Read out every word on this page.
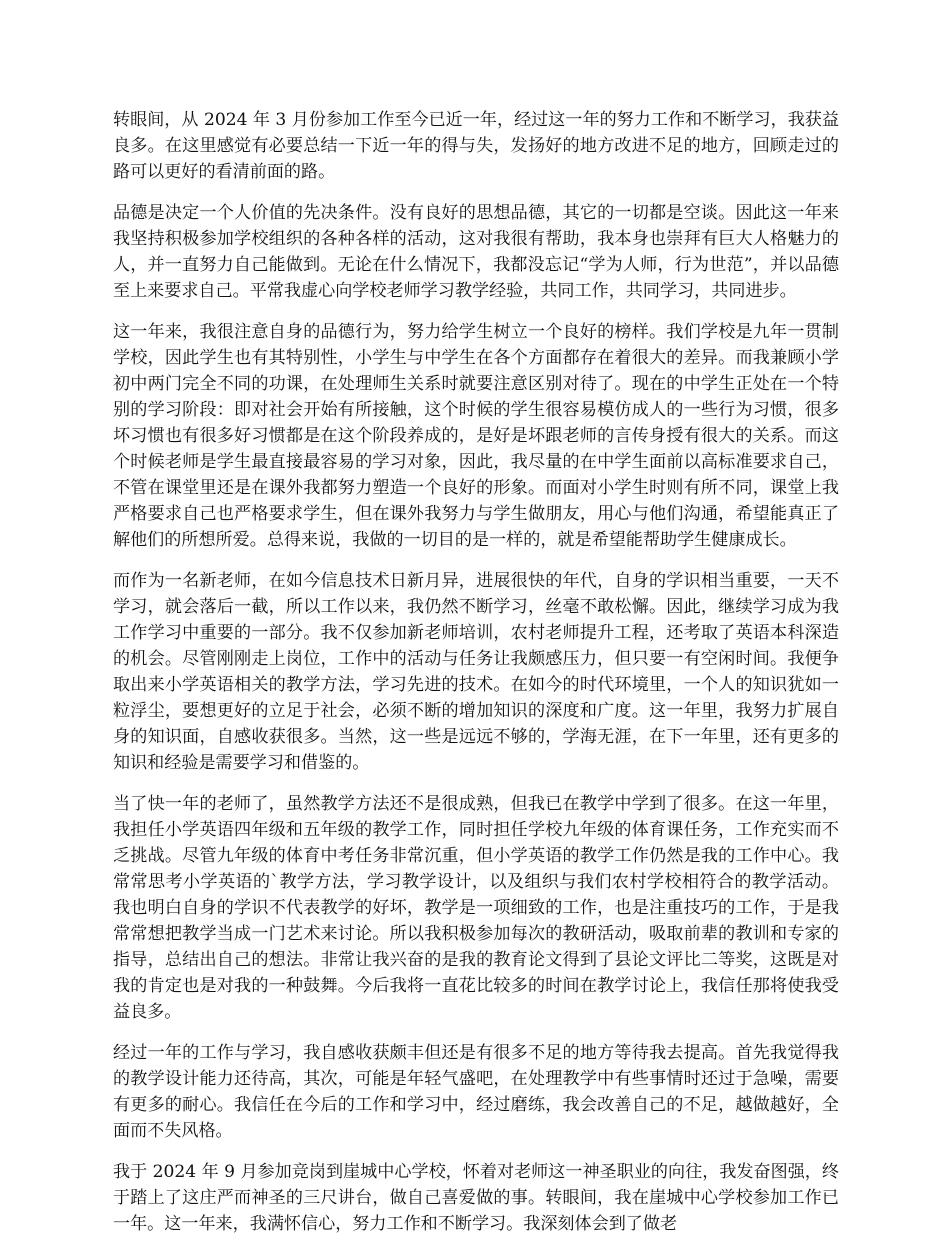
转眼间，从 2024 年 3 月份参加工作至今已近一年，经过这一年的努力工作和不断学习，我获益良多。在这里感觉有必要总结一下近一年的得与失，发扬好的地方改进不足的地方，回顾走过的路可以更好的看清前面的路。

品德是决定一个人价值的先决条件。没有良好的思想品德，其它的一切都是空谈。因此这一年来我坚持积极参加学校组织的各种各样的活动，这对我很有帮助，我本身也崇拜有巨大人格魅力的人，并一直努力自己能做到。无论在什么情况下，我都没忘记“学为人师，行为世范”，并以品德至上来要求自己。平常我虚心向学校老师学习教学经验，共同工作，共同学习，共同进步。

这一年来，我很注意自身的品德行为，努力给学生树立一个良好的榜样。我们学校是九年一贯制学校，因此学生也有其特别性，小学生与中学生在各个方面都存在着很大的差异。而我兼顾小学初中两门完全不同的功课，在处理师生关系时就要注意区别对待了。现在的中学生正处在一个特别的学习阶段：即对社会开始有所接触，这个时候的学生很容易模仿成人的一些行为习惯，很多坏习惯也有很多好习惯都是在这个阶段养成的，是好是坏跟老师的言传身授有很大的关系。而这个时候老师是学生最直接最容易的学习对象，因此，我尽量的在中学生面前以高标准要求自己，不管在课堂里还是在课外我都努力塑造一个良好的形象。而面对小学生时则有所不同，课堂上我严格要求自己也严格要求学生，但在课外我努力与学生做朋友，用心与他们沟通，希望能真正了解他们的所想所爱。总得来说，我做的一切目的是一样的，就是希望能帮助学生健康成长。

而作为一名新老师，在如今信息技术日新月异，进展很快的年代，自身的学识相当重要，一天不学习，就会落后一截，所以工作以来，我仍然不断学习，丝毫不敢松懈。因此，继续学习成为我工作学习中重要的一部分。我不仅参加新老师培训，农村老师提升工程，还考取了英语本科深造的机会。尽管刚刚走上岗位，工作中的活动与任务让我颇感压力，但只要一有空闲时间。我便争取出来小学英语相关的教学方法，学习先进的技术。在如今的时代环境里，一个人的知识犹如一粒浮尘，要想更好的立足于社会，必须不断的增加知识的深度和广度。这一年里，我努力扩展自身的知识面，自感收获很多。当然，这一些是远远不够的，学海无涯，在下一年里，还有更多的知识和经验是需要学习和借鉴的。

当了快一年的老师了，虽然教学方法还不是很成熟，但我已在教学中学到了很多。在这一年里，我担任小学英语四年级和五年级的教学工作，同时担任学校九年级的体育课任务，工作充实而不乏挑战。尽管九年级的体育中考任务非常沉重，但小学英语的教学工作仍然是我的工作中心。我常常思考小学英语的`教学方法，学习教学设计，以及组织与我们农村学校相符合的教学活动。我也明白自身的学识不代表教学的好坏，教学是一项细致的工作，也是注重技巧的工作，于是我常常想把教学当成一门艺术来讨论。所以我积极参加每次的教研活动，吸取前辈的教训和专家的指导，总结出自己的想法。非常让我兴奋的是我的教育论文得到了县论文评比二等奖，这既是对我的肯定也是对我的一种鼓舞。今后我将一直花比较多的时间在教学讨论上，我信任那将使我受益良多。

经过一年的工作与学习，我自感收获颇丰但还是有很多不足的地方等待我去提高。首先我觉得我的教学设计能力还待高，其次，可能是年轻气盛吧，在处理教学中有些事情时还过于急噪，需要有更多的耐心。我信任在今后的工作和学习中，经过磨练，我会改善自己的不足，越做越好，全面而不失风格。

我于 2024 年 9 月参加竞岗到崖城中心学校，怀着对老师这一神圣职业的向往，我发奋图强，终于踏上了这庄严而神圣的三尺讲台，做自己喜爱做的事。转眼间，我在崖城中心学校参加工作已一年。这一年来，我满怀信心，努力工作和不断学习。我深刻体会到了做老
